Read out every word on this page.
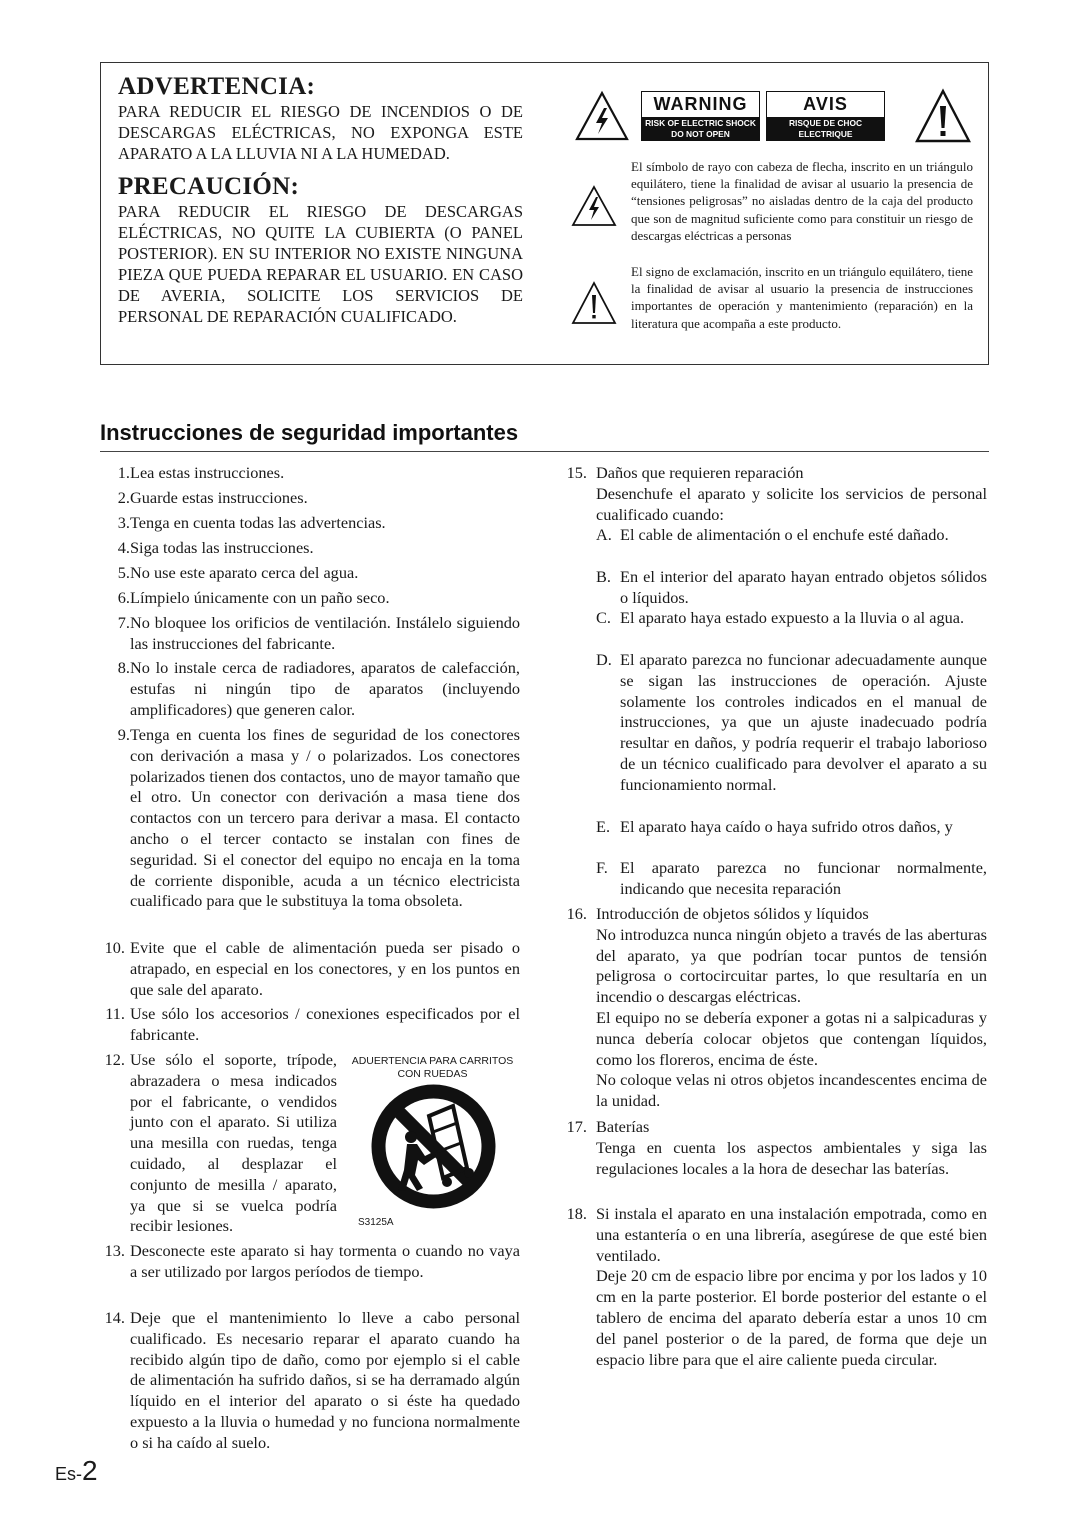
ADVERTENCIA:
PARA REDUCIR EL RIESGO DE INCENDIOS O DE DESCARGAS ELÉCTRICAS, NO EXPONGA ESTE APARATO A LA LLUVIA NI A LA HUMEDAD.
PRECAUCIÓN:
PARA REDUCIR EL RIESGO DE DESCARGAS ELÉCTRICAS, NO QUITE LA CUBIERTA (O PANEL POSTERIOR). EN SU INTERIOR NO EXISTE NINGUNA PIEZA QUE PUEDA REPARAR EL USUARIO. EN CASO DE AVERIA, SOLICITE LOS SERVICIOS DE PERSONAL DE REPARACIÓN CUALIFICADO.
WARNING
RISK OF ELECTRIC SHOCK
DO NOT OPEN
AVIS
RISQUE DE CHOC ELECTRIQUE
NE PAS OUVRIR
El símbolo de rayo con cabeza de flecha, inscrito en un triángulo equilátero, tiene la finalidad de avisar al usuario la presencia de “tensiones peligrosas” no aisladas dentro de la caja del producto que son de magnitud suficiente como para constituir un riesgo de descargas eléctricas a personas
El signo de exclamación, inscrito en un triángulo equilátero, tiene la finalidad de avisar al usuario la presencia de instrucciones importantes de operación y mantenimiento (reparación) en la literatura que acompaña a este producto.
Instrucciones de seguridad importantes
1. Lea estas instrucciones.
2. Guarde estas instrucciones.
3. Tenga en cuenta todas las advertencias.
4. Siga todas las instrucciones.
5. No use este aparato cerca del agua.
6. Límpielo únicamente con un paño seco.
7. No bloquee los orificios de ventilación. Instálelo siguiendo las instrucciones del fabricante.
8. No lo instale cerca de radiadores, aparatos de calefacción, estufas ni ningún tipo de aparatos (incluyendo amplificadores) que generen calor.
9. Tenga en cuenta los fines de seguridad de los conectores con derivación a masa y / o polarizados. Los conectores polarizados tienen dos contactos, uno de mayor tamaño que el otro. Un conector con derivación a masa tiene dos contactos con un tercero para derivar a masa. El contacto ancho o el tercer contacto se instalan con fines de seguridad. Si el conector del equipo no encaja en la toma de corriente disponible, acuda a un técnico electricista cualificado para que le substituya la toma obsoleta.
10. Evite que el cable de alimentación pueda ser pisado o atrapado, en especial en los conectores, y en los puntos en que sale del aparato.
11. Use sólo los accesorios / conexiones especificados por el fabricante.
12. Use sólo el soporte, trípode, abrazadera o mesa indicados por el fabricante, o vendidos junto con el aparato. Si utiliza una mesilla con ruedas, tenga cuidado, al desplazar el conjunto de mesilla / aparato, ya que si se vuelca podría recibir lesiones.
13. Desconecte este aparato si hay tormenta o cuando no vaya a ser utilizado por largos períodos de tiempo.
14. Deje que el mantenimiento lo lleve a cabo personal cualificado. Es necesario reparar el aparato cuando ha recibido algún tipo de daño, como por ejemplo si el cable de alimentación ha sufrido daños, si se ha derramado algún líquido en el interior del aparato o si éste ha quedado expuesto a la lluvia o humedad y no funciona normalmente o si ha caído al suelo.
ADUERTENCIA PARA CARRITOS CON RUEDAS
S3125A
15. Daños que requieren reparación
Desenchufe el aparato y solicite los servicios de personal cualificado cuando:
A. El cable de alimentación o el enchufe esté dañado.
B. En el interior del aparato hayan entrado objetos sólidos o líquidos.
C. El aparato haya estado expuesto a la lluvia o al agua.
D. El aparato parezca no funcionar adecuadamente aunque se sigan las instrucciones de operación. Ajuste solamente los controles indicados en el manual de instrucciones, ya que un ajuste inadecuado podría resultar en daños, y podría requerir el trabajo laborioso de un técnico cualificado para devolver el aparato a su funcionamiento normal.
E. El aparato haya caído o haya sufrido otros daños, y
F. El aparato parezca no funcionar normalmente, indicando que necesita reparación
16. Introducción de objetos sólidos y líquidos
No introduzca nunca ningún objeto a través de las aberturas del aparato, ya que podrían tocar puntos de tensión peligrosa o cortocircuitar partes, lo que resultaría en un incendio o descargas eléctricas.
El equipo no se debería exponer a gotas ni a salpicaduras y nunca debería colocar objetos que contengan líquidos, como los floreros, encima de éste.
No coloque velas ni otros objetos incandescentes encima de la unidad.
17. Baterías
Tenga en cuenta los aspectos ambientales y siga las regulaciones locales a la hora de desechar las baterías.
18. Si instala el aparato en una instalación empotrada, como en una estantería o en una librería, asegúrese de que esté bien ventilado.
Deje 20 cm de espacio libre por encima y por los lados y 10 cm en la parte posterior. El borde posterior del estante o el tablero de encima del aparato debería estar a unos 10 cm del panel posterior o de la pared, de forma que deje un espacio libre para que el aire caliente pueda circular.
Es-2
